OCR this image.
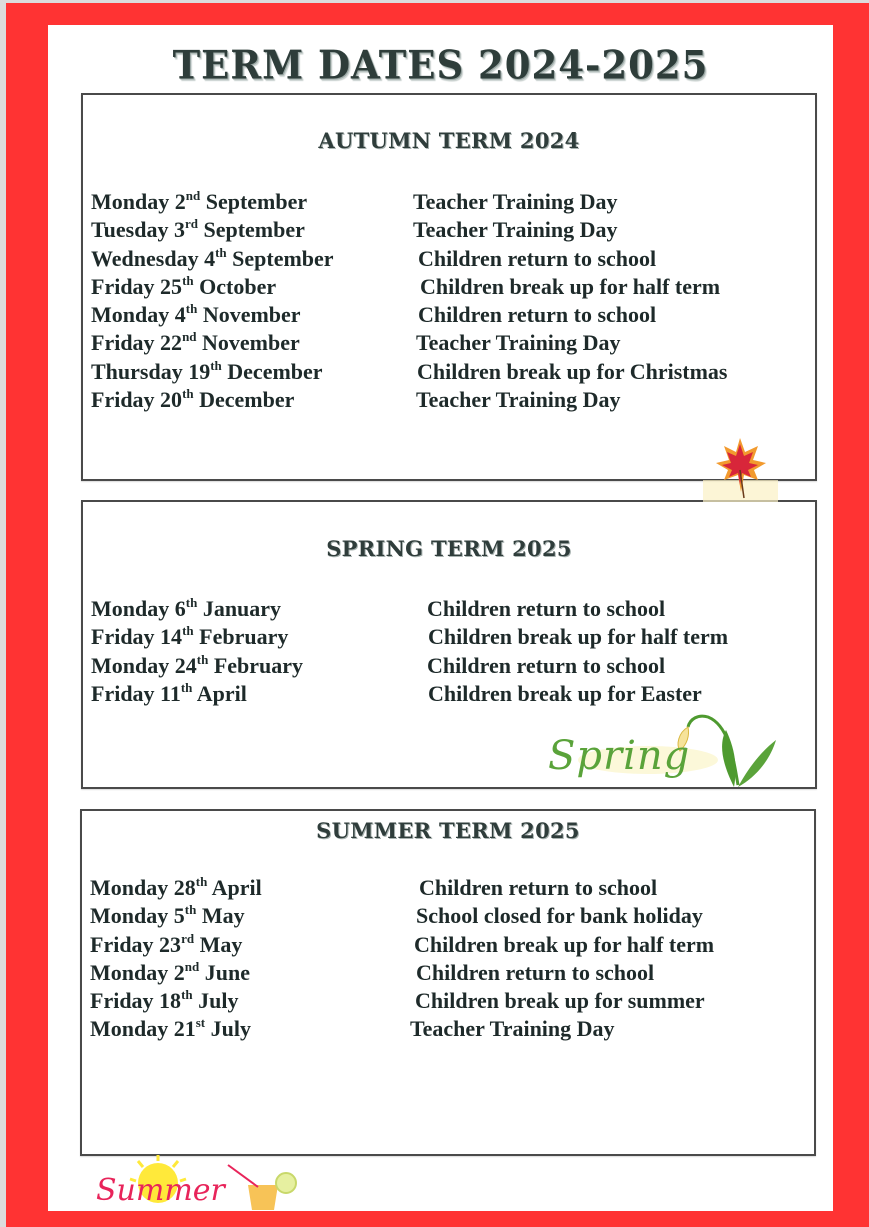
TERM DATES 2024-2025
AUTUMN TERM 2024
Monday 2nd September	Teacher Training Day
Tuesday 3rd September	Teacher Training Day
Wednesday 4th September	Children return to school
Friday 25th October	Children break up for half term
Monday 4th November	Children return to school
Friday 22nd November	Teacher Training Day
Thursday 19th December	Children break up for Christmas
Friday 20th December	Teacher Training Day
SPRING TERM 2025
Monday 6th January	Children return to school
Friday 14th February	Children break up for half term
Monday 24th February	Children return to school
Friday 11th April	Children break up for Easter
SUMMER TERM 2025
Monday 28th April	Children return to school
Monday 5th May	School closed for bank holiday
Friday 23rd May	Children break up for half term
Monday 2nd June	Children return to school
Friday 18th July	Children break up for summer
Monday 21st July	Teacher Training Day
Spring
Summer
